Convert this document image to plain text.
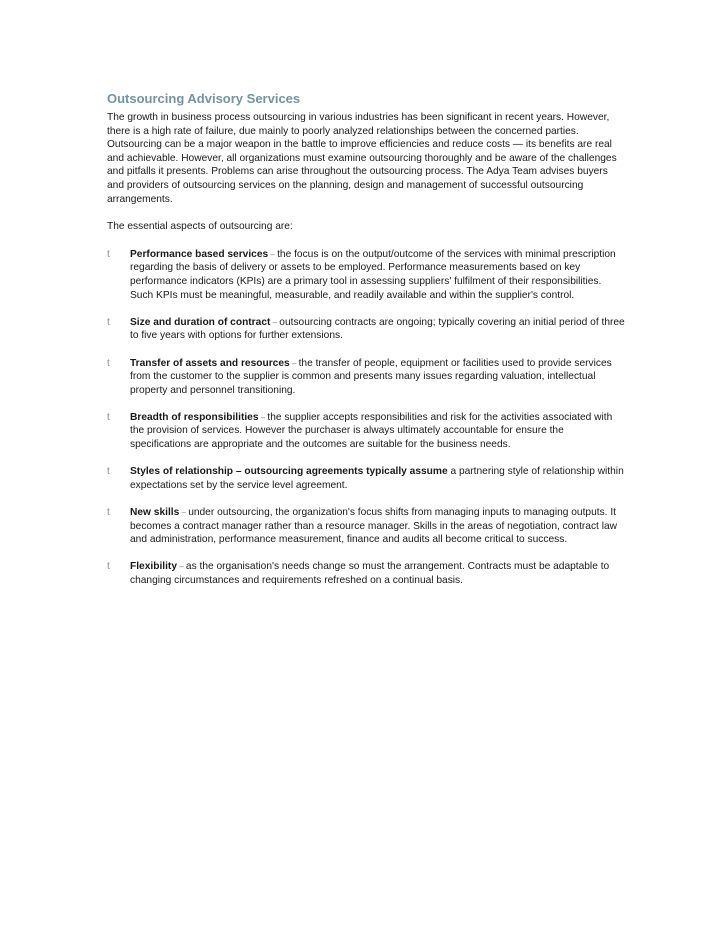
Outsourcing Advisory Services

The growth in business process outsourcing in various industries has been significant in recent years. However, there is a high rate of failure, due mainly to poorly analyzed relationships between the concerned parties. Outsourcing can be a major weapon in the battle to improve efficiencies and reduce costs — its benefits are real and achievable. However, all organizations must examine outsourcing thoroughly and be aware of the challenges and pitfalls it presents. Problems can arise throughout the outsourcing process. The Adya Team advises buyers and providers of outsourcing services on the planning, design and management of successful outsourcing arrangements.

The essential aspects of outsourcing are:

t Performance based services – the focus is on the output/outcome of the services with minimal prescription regarding the basis of delivery or assets to be employed. Performance measurements based on key performance indicators (KPIs) are a primary tool in assessing suppliers' fulfilment of their responsibilities. Such KPIs must be meaningful, measurable, and readily available and within the supplier's control.
t Size and duration of contract – outsourcing contracts are ongoing; typically covering an initial period of three to five years with options for further extensions.
t Transfer of assets and resources – the transfer of people, equipment or facilities used to provide services from the customer to the supplier is common and presents many issues regarding valuation, intellectual property and personnel transitioning.
t Breadth of responsibilities – the supplier accepts responsibilities and risk for the activities associated with the provision of services. However the purchaser is always ultimately accountable for ensure the specifications are appropriate and the outcomes are suitable for the business needs.
t Styles of relationship – outsourcing agreements typically assume a partnering style of relationship within expectations set by the service level agreement.
t New skills – under outsourcing, the organization's focus shifts from managing inputs to managing outputs. It becomes a contract manager rather than a resource manager. Skills in the areas of negotiation, contract law and administration, performance measurement, finance and audits all become critical to success.
t Flexibility – as the organisation's needs change so must the arrangement. Contracts must be adaptable to changing circumstances and requirements refreshed on a continual basis.
